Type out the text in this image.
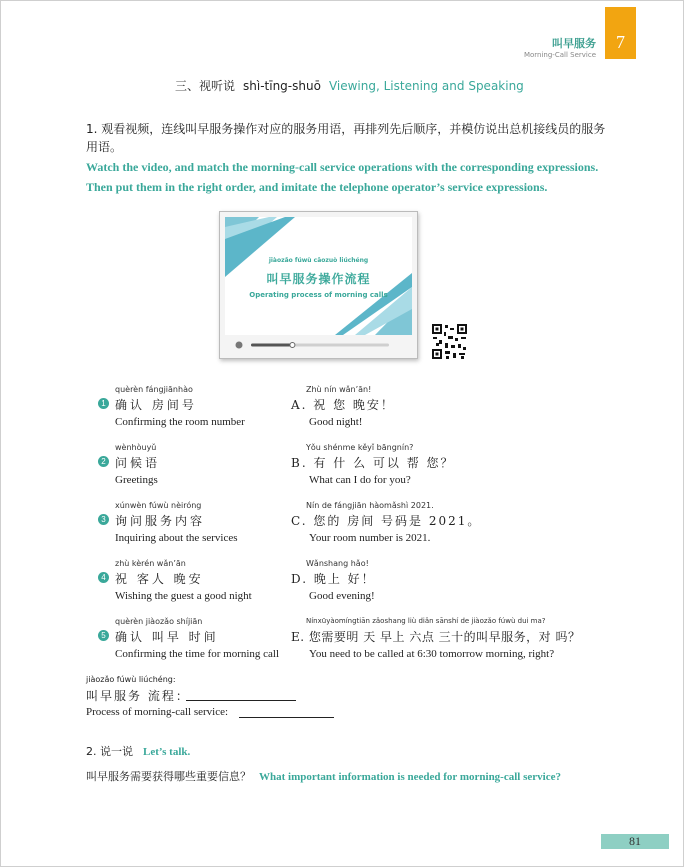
7
叫早服务
Morning-Call Service
三、视听说 shì-tīng-shuō Viewing, Listening and Speaking
1. 观看视频，连线叫早服务操作对应的服务用语，再排列先后顺序，并模仿说出总机接线员的服务用语。
Watch the video, and match the morning-call service operations with the corresponding expressions. Then put them in the right order, and imitate the telephone operator’s service expressions.
jiàozǎo fúwù cāozuò liúchéng
叫早服务操作流程
Operating process of morning calls
quèrèn fángjiānhào
1 确认 房间号
Confirming the room number
wènhòuyǔ
2 问候语
Greetings
xúnwèn fúwù nèiróng
3 询问服务内容
Inquiring about the services
zhù kèrén wǎn’ān
4 祝 客人 晚安
Wishing the guest a good night
quèrèn jiàozǎo shíjiān
5 确认 叫早 时间
Confirming the time for morning call
Zhù nín wǎn’ān!
A. 祝 您 晚安！
Good night!
Yǒu shénme kěyǐ bāngnín?
B. 有 什 么 可以 帮 您？
What can I do for you?
Nín de fángjiān hàomǎshì 2021.
C. 您的 房间 号码是 2021。
Your room number is 2021.
Wǎnshang hǎo!
D. 晚上 好！
Good evening!
Nínxūyàomíngtiān zǎoshang liù diǎn sānshí de jiàozǎo fúwù dui ma?
E. 您需要明 天 早上 六点 三十的叫早服务，对 吗？
You need to be called at 6:30 tomorrow morning, right?
jiàozǎo fúwù liúchéng:
叫早服务 流程：
Process of morning-call service:
2. 说一说 Let’s talk.
叫早服务需要获得哪些重要信息？ What important information is needed for morning-call service?
81
